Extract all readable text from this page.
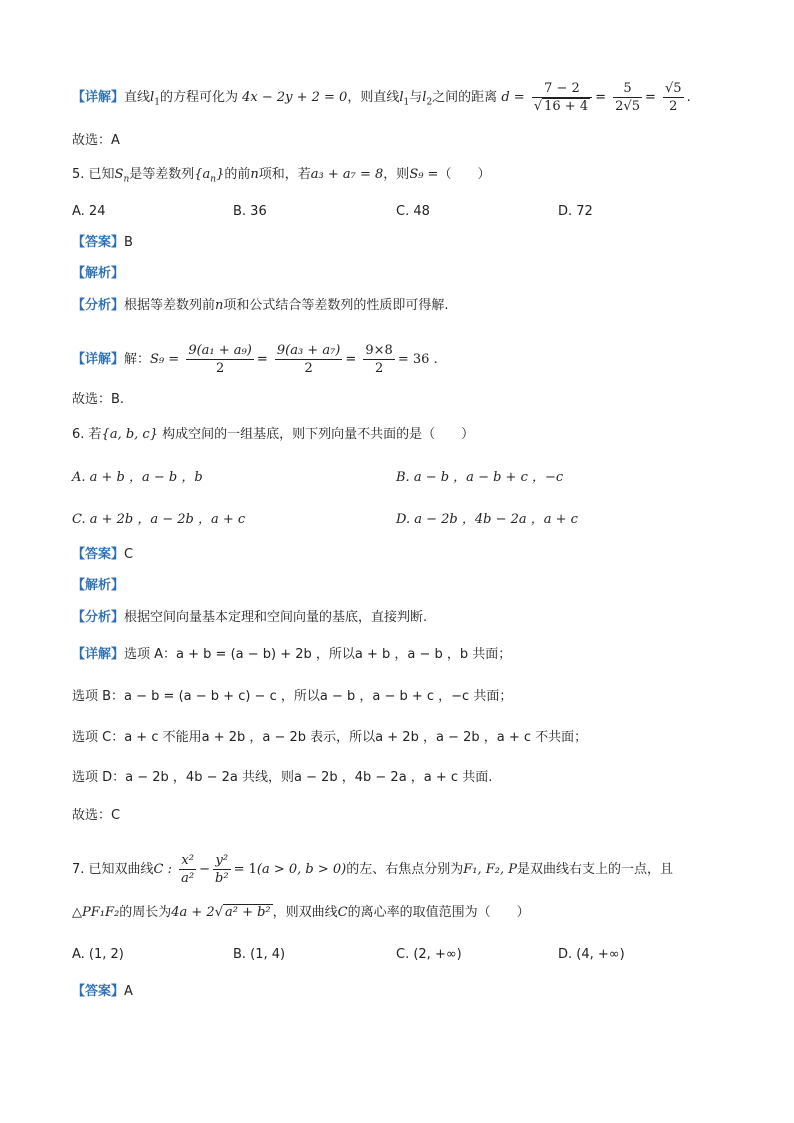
【详解】直线$l_1$的方程可化为 4x − 2y + 2 = 0，则直线$l_1$与$l_2$之间的距离 $d = \frac{7 - 2}{√ 16 + 4} = \frac{5}{2√5} = \frac{√5}{2}$ .
故选：A
5. 已知$S_n$是等差数列$\{a_n\}$的前n项和，若a₃ + a₇ = 8，则S₉ =（　　）
A. 24	B. 36	C. 48	D. 72
【答案】B
【解析】
【分析】根据等差数列前n项和公式结合等差数列的性质即可得解.
【详解】解：$S_9 = \frac{\text{9(a₁ + a₉)}}{2} = \frac{\text{9(a₃ + a₇)}}{2} = \frac{9\times 8}{2} = 36$ .
故选：B.
6. 若{a, b, c} 构成空间的一组基底，则下列向量不共面的是（　　）
A. a + b ，a − b ，b	B. a − b ，a − b + c ，−c
C. a + 2b ，a − 2b ，a + c	D. a − 2b ，4b − 2a ，a + c
【答案】C
【解析】
【分析】根据空间向量基本定理和空间向量的基底，直接判断.
【详解】选项 A：a + b = (a − b) + 2b ，所以a + b ，a − b ，b 共面；
选项 B：a − b = (a − b + c) − c ，所以a − b ，a − b + c ，−c 共面；
选项 C：a + c 不能用a + 2b ，a − 2b 表示，所以a + 2b ，a − 2b ，a + c 不共面；
选项 D：a − 2b ，4b − 2a 共线，则a − 2b ，4b − 2a ，a + c 共面.
故选：C
7. 已知双曲线C : $\frac{\text{x²}}{\text{a²}} - \frac{\text{y²}}{\text{b²}} = 1(a > 0$, b > 0)的左、右焦点分别为F₁, F₂, P是双曲线右支上的一点，且
△PF₁F₂的周长为4a + 2√ a² + b² ，则双曲线C的离心率的取值范围为（　　）
A. (1, 2)	B. (1, 4)	C. (2, +∞)	D. (4, +∞)
【答案】A
